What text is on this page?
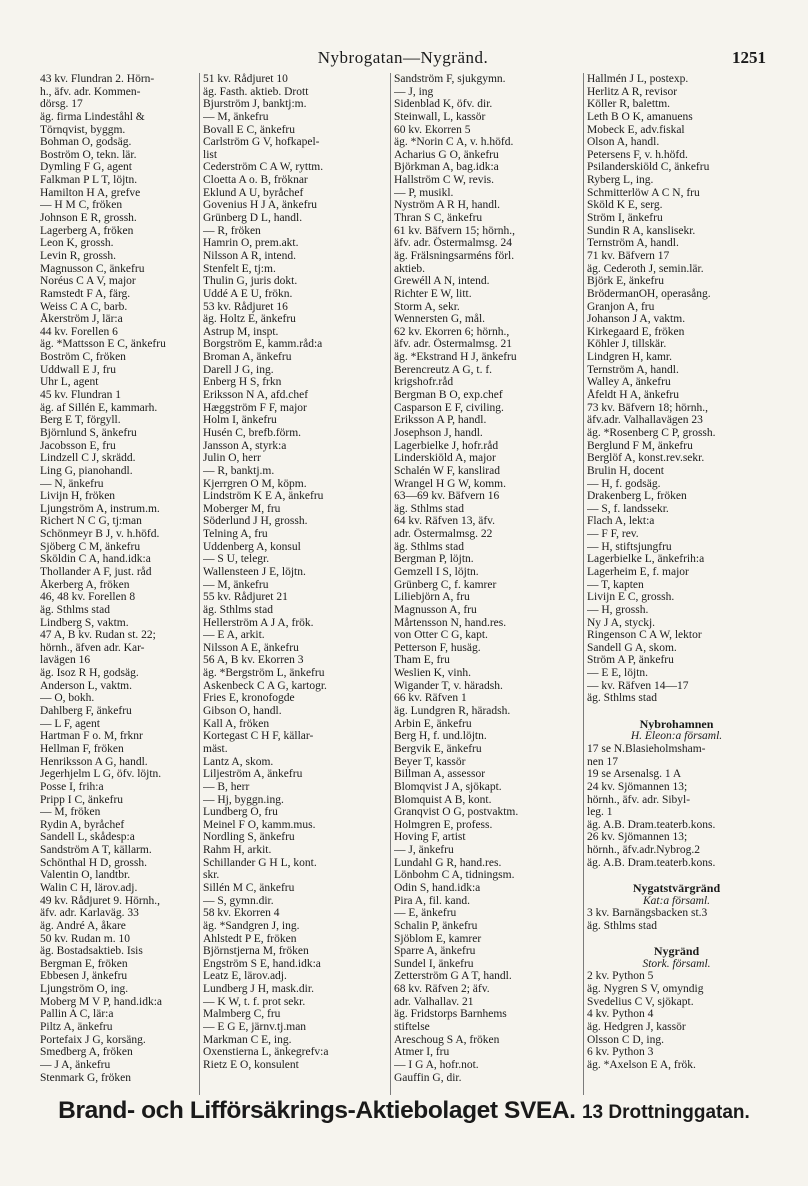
Nybrogatan—Nygränd.	1251
43 kv. Flundran 2. Hörn-
h., äfv. adr. Kommen-
dörsg. 17
äg. firma Lindeståhl &
Törnqvist, byggm.
Bohman O, godsäg.
Boström O, tekn. lär.
Dymling F G, agent
Falkman P L T, löjtn.
Hamilton H A, grefve
— H M C, fröken
Johnson E R, grossh.
Lagerberg A, fröken
Leon K, grossh.
Levin R, grossh.
Magnusson C, änkefru
Noréus C A V, major
Ramstedt F A, färg.
Weiss C A C, barb.
Åkerström J, lär:a
44 kv. Forellen 6
äg. *Mattsson E C, änkefru
Boström C, fröken
Uddwall E J, fru
Uhr L, agent
45 kv. Flundran 1
äg. af Sillén E, kammarh.
Berg E T, förgyll.
Björnlund S, änkefru
Jacobsson E, fru
Lindzell C J, skrädd.
Ling G, pianohandl.
— N, änkefru
Livijn H, fröken
Ljungström A, instrum.m.
Richert N C G, tj:man
Schönmeyr B J, v. h.höfd.
Sjöberg C M, änkefru
Sköldin C A, hand.idk:a
Thollander A F, just. råd
Åkerberg A, fröken
46, 48 kv. Forellen 8
äg. Sthlms stad
Lindberg S, vaktm.
47 A, B kv. Rudan st. 22;
hörnh., äfven adr. Kar-
lavägen 16
äg. Isoz R H, godsäg.
Anderson L, vaktm.
— O, bokh.
Dahlberg F, änkefru
— L F, agent
Hartman F o. M, frknr
Hellman F, fröken
Henriksson A G, handl.
Jegerhjelm L G, öfv. löjtn.
Posse I, frih:a
Pripp I C, änkefru
— M, fröken
Rydin A, byråchef
Sandell L, skådesp:a
Sandström A T, källarm.
Schönthal H D, grossh.
Valentin O, landtbr.
Walin C H, lärov.adj.
49 kv. Rådjuret 9. Hörnh.,
äfv. adr. Karlaväg. 33
äg. André A, åkare
50 kv. Rudan m. 10
äg. Bostadsaktieb. Isis
Bergman E, fröken
Ebbesen J, änkefru
Ljungström O, ing.
Moberg M V P, hand.idk:a
Pallin A C, lär:a
Piltz A, änkefru
Portefaix J G, korsäng.
Smedberg A, fröken
— J A, änkefru
Stenmark G, fröken
51 kv. Rådjuret 10
äg. Fasth. aktieb. Drott
Bjurström J, banktj:m.
— M, änkefru
Bovall E C, änkefru
Carlström G V, hofkapel-
list
Cederström C A W, ryttm.
Cloetta A o. B, fröknar
Eklund A U, byråchef
Govenius H J A, änkefru
Grünberg D L, handl.
— R, fröken
Hamrin O, prem.akt.
Nilsson A R, intend.
Stenfelt E, tj:m.
Thulin G, juris dokt.
Uddé A E U, frökn.
53 kv. Rådjuret 16
äg. Holtz E, änkefru
Astrup M, inspt.
Borgström E, kamm.råd:a
Broman A, änkefru
Darell J G, ing.
Enberg H S, frkn
Eriksson N A, afd.chef
Hæggström F F, major
Holm I, änkefru
Husén C, brefb.förm.
Jansson A, styrk:a
Julin O, herr
— R, banktj.m.
Kjerrgren O M, köpm.
Lindström K E A, änkefru
Moberger M, fru
Söderlund J H, grossh.
Telning A, fru
Uddenberg A, konsul
— S U, telegr.
Wallensteen J E, löjtn.
— M, änkefru
55 kv. Rådjuret 21
äg. Sthlms stad
Hellerström A J A, frök.
— E A, arkit.
Nilsson A E, änkefru
56 A, B kv. Ekorren 3
äg. *Bergström L, änkefru
Askenbeck C A G, kartogr.
Fries E, kronofogde
Gibson O, handl.
Kall A, fröken
Kortegast C H F, källar-
mäst.
Lantz A, skom.
Liljeström A, änkefru
— B, herr
— Hj, byggn.ing.
Lundberg O, fru
Meinel F O, kamm.mus.
Nordling S, änkefru
Rahm H, arkit.
Schillander G H L, kont.
skr.
Sillén M C, änkefru
— S, gymn.dir.
58 kv. Ekorren 4
äg. *Sandgren J, ing.
Ahlstedt P E, fröken
Björnstjerna M, fröken
Engström S E, hand.idk:a
Leatz E, lärov.adj.
Lundberg J H, mask.dir.
— K W, t. f. prot sekr.
Malmberg C, fru
— E G E, järnv.tj.man
Markman C E, ing.
Oxenstierna L, änkegrefv:a
Rietz E O, konsulent
Sandström F, sjukgymn.
— J, ing
Sidenblad K, öfv. dir.
Steinwall, L, kassör
60 kv. Ekorren 5
äg. *Norin C A, v. h.höfd.
Acharius G O, änkefru
Björkman A, bag.idk:a
Hallström C W, revis.
— P, musikl.
Nyström A R H, handl.
Thran S C, änkefru
61 kv. Bäfvern 15; hörnh.,
äfv. adr. Östermalmsg. 24
äg. Frälsningsarméns förl.
aktieb.
Grewéll A N, intend.
Richter E W, litt.
Storm A, sekr.
Wennersten G, mål.
62 kv. Ekorren 6; hörnh.,
äfv. adr. Östermalmsg. 21
äg. *Ekstrand H J, änkefru
Berencreutz A G, t. f.
krigshofr.råd
Bergman B O, exp.chef
Casparson E F, civiling.
Eriksson A P, handl.
Josephson J, handl.
Lagerbielke J, hofr.råd
Linderskiöld A, major
Schalén W F, kanslirad
Wrangel H G W, komm.
63—69 kv. Bäfvern 16
äg. Sthlms stad
64 kv. Räfven 13, äfv.
adr. Östermalmsg. 22
äg. Sthlms stad
Bergman P, löjtn.
Gemzell I S, löjtn.
Grünberg C, f. kamrer
Liliebjörn A, fru
Magnusson A, fru
Mårtensson N, hand.res.
von Otter C G, kapt.
Petterson F, husäg.
Tham E, fru
Weslien K, vinh.
Wigander T, v. häradsh.
66 kv. Räfven 1
äg. Lundgren R, häradsh.
Arbin E, änkefru
Berg H, f. und.löjtn.
Bergvik E, änkefru
Beyer T, kassör
Billman A, assessor
Blomqvist J A, sjökapt.
Blomquist A B, kont.
Granqvist O G, postvaktm.
Holmgren E, profess.
Hoving F, artist
— J, änkefru
Lundahl G R, hand.res.
Lönbohm C A, tidningsm.
Odin S, hand.idk:a
Pira A, fil. kand.
— E, änkefru
Schalin P, änkefru
Sjöblom E, kamrer
Sparre A, änkefru
Sundel I, änkefru
Zetterström G A T, handl.
68 kv. Räfven 2; äfv.
adr. Valhallav. 21
äg. Fridstorps Barnhems
stiftelse
Areschoug S A, fröken
Atmer I, fru
— I G A, hofr.not.
Gauffin G, dir.
Hallmén J L, postexp.
Herlitz A R, revisor
Köller R, balettm.
Leth B O K, amanuens
Mobeck E, adv.fiskal
Olson A, handl.
Petersens F, v. h.höfd.
Psilanderskiöld C, änkefru
Ryberg L, ing.
Schmitterlöw A C N, fru
Sköld K E, serg.
Ström I, änkefru
Sundin R A, kanslisekr.
Ternström A, handl.
71 kv. Bäfvern 17
äg. Cederoth J, semin.lär.
Björk E, änkefru
BrödermanOH, operasång.
Granjon A, fru
Johanson J A, vaktm.
Kirkegaard E, fröken
Köhler J, tillskär.
Lindgren H, kamr.
Ternström A, handl.
Walley A, änkefru
Åfeldt H A, änkefru
73 kv. Bäfvern 18; hörnh.,
äfv.adr. Valhallavägen 23
äg. *Rosenberg C P, grossh.
Berglund F M, änkefru
Berglöf A, konst.rev.sekr.
Brulin H, docent
— H, f. godsäg.
Drakenberg L, fröken
— S, f. landssekr.
Flach A, lekt:a
— F F, rev.
— H, stiftsjungfru
Lagerbielke L, änkefrih:a
Lagerheim E, f. major
— T, kapten
Livijn E C, grossh.
— H, grossh.
Ny J A, styckj.
Ringenson C A W, lektor
Sandell G A, skom.
Ström A P, änkefru
— E E, löjtn.
— kv. Räfven 14—17
äg. Sthlms stad
Nybrohamnen
H. Eleon:a församl.
17 se N.Blasieholmsham-
nen 17
19 se Arsenalsg. 1 A
24 kv. Sjömannen 13;
hörnh., äfv. adr. Sibyl-
leg. 1
äg. A.B. Dram.teaterb.kons.
26 kv. Sjömannen 13;
hörnh., äfv.adr.Nybrog.2
äg. A.B. Dram.teaterb.kons.
Nygatstvärgränd
Kat:a församl.
3 kv. Barnängsbacken st.3
äg. Sthlms stad
Nygränd
Stork. församl.
2 kv. Python 5
äg. Nygren S V, omyndig
Svedelius C V, sjökapt.
4 kv. Python 4
äg. Hedgren J, kassör
Olsson C D, ing.
6 kv. Python 3
äg. *Axelson E A, frök.
Brand- och Lifförsäkrings-Aktiebolaget SVEA. 13 Drottninggatan.
